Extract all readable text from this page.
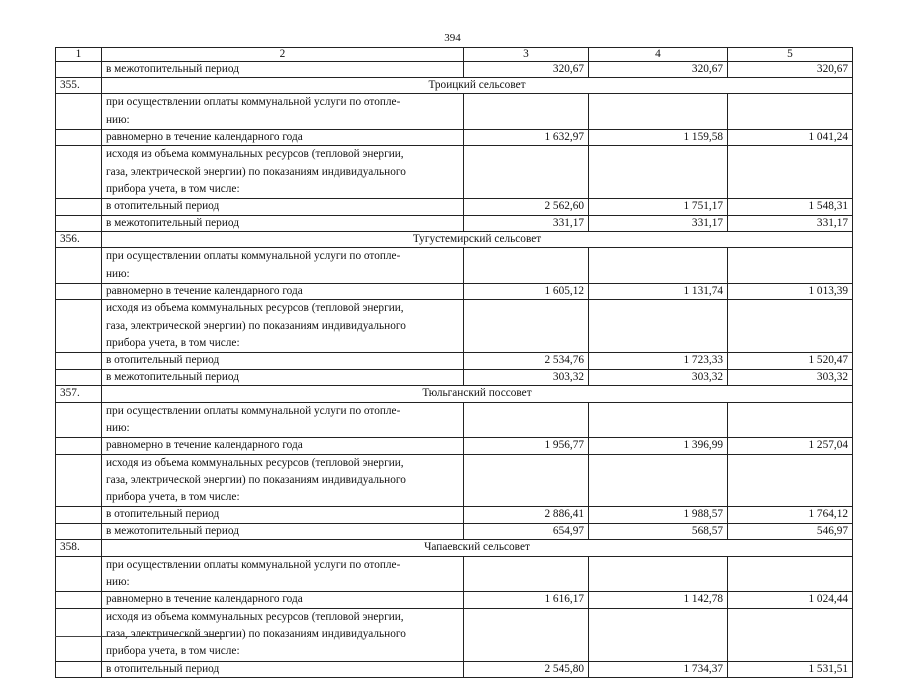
394
1	2	3	4	5
	в межотопительный период	320,67	320,67	320,67
355.	Троицкий сельсовет			

	при осуществлении оплаты коммунальной услуги по отопле-
нию:			

	равномерно в течение календарного года	1 632,97	1 159,58	1 041,24

	исходя из объема коммунальных ресурсов (тепловой энергии,
газа, электрической энергии) по показаниям индивидуального
прибора учета, в том числе:			

	в отопительный период	2 562,60	1 751,17	1 548,31
	в межотопительный период	331,17	331,17	331,17
356.	Тугустемирский сельсовет			

	при осуществлении оплаты коммунальной услуги по отопле-
нию:			

	равномерно в течение календарного года	1 605,12	1 131,74	1 013,39

	исходя из объема коммунальных ресурсов (тепловой энергии,
газа, электрической энергии) по показаниям индивидуального
прибора учета, в том числе:			

	в отопительный период	2 534,76	1 723,33	1 520,47
	в межотопительный период	303,32	303,32	303,32
357.	Тюльганский поссовет			

	при осуществлении оплаты коммунальной услуги по отопле-
нию:			

	равномерно в течение календарного года	1 956,77	1 396,99	1 257,04

	исходя из объема коммунальных ресурсов (тепловой энергии,
газа, электрической энергии) по показаниям индивидуального
прибора учета, в том числе:			

	в отопительный период	2 886,41	1 988,57	1 764,12
	в межотопительный период	654,97	568,57	546,97
358.	Чапаевский сельсовет			

	при осуществлении оплаты коммунальной услуги по отопле-
нию:			

	равномерно в течение календарного года	1 616,17	1 142,78	1 024,44

	исходя из объема коммунальных ресурсов (тепловой энергии,
газа, электрической энергии) по показаниям индивидуального
прибора учета, в том числе:			

	в отопительный период	2 545,80	1 734,37	1 531,51
